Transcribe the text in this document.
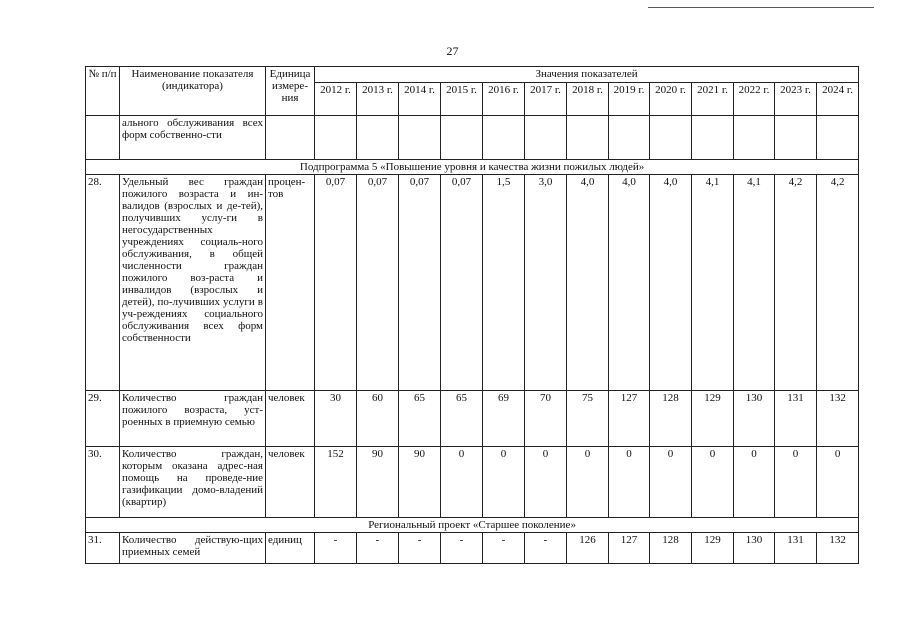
27
№ п/п	Наименование показателя (индикатора)	Единица измере-ния	Значения показателей												
			2012 г.	2013 г.	2014 г.	2015 г.	2016 г.	2017 г.	2018 г.	2019 г.	2020 г.	2021 г.	2022 г.	2023 г.	2024 г.
	ального обслуживания всех форм собственно-сти														
Подпрограмма 5 «Повышение уровня и качества жизни пожилых людей»															
28.	Удельный вес граждан пожилого возраста и ин-валидов (взрослых и де-тей), получивших услу-ги в негосударственных учреждениях социаль-ного обслуживания, в общей численности граждан пожилого воз-раста и инвалидов (взрослых и детей), по-лучивших услуги в уч-реждениях социального обслуживания всех форм собственности	процен-тов	0,07	0,07	0,07	0,07	1,5	3,0	4,0	4,0	4,0	4,1	4,1	4,2	4,2
29.	Количество граждан пожилого возраста, уст-роенных в приемную семью	человек	30	60	65	65	69	70	75	127	128	129	130	131	132
30.	Количество граждан, которым оказана адрес-ная помощь на проведе-ние газификации домо-владений (квартир)	человек	152	90	90	0	0	0	0	0	0	0	0	0	0
Региональный проект «Старшее поколение»															
31.	Количество действую-щих приемных семей	единиц	-	-	-	-	-	-	126	127	128	129	130	131	132
